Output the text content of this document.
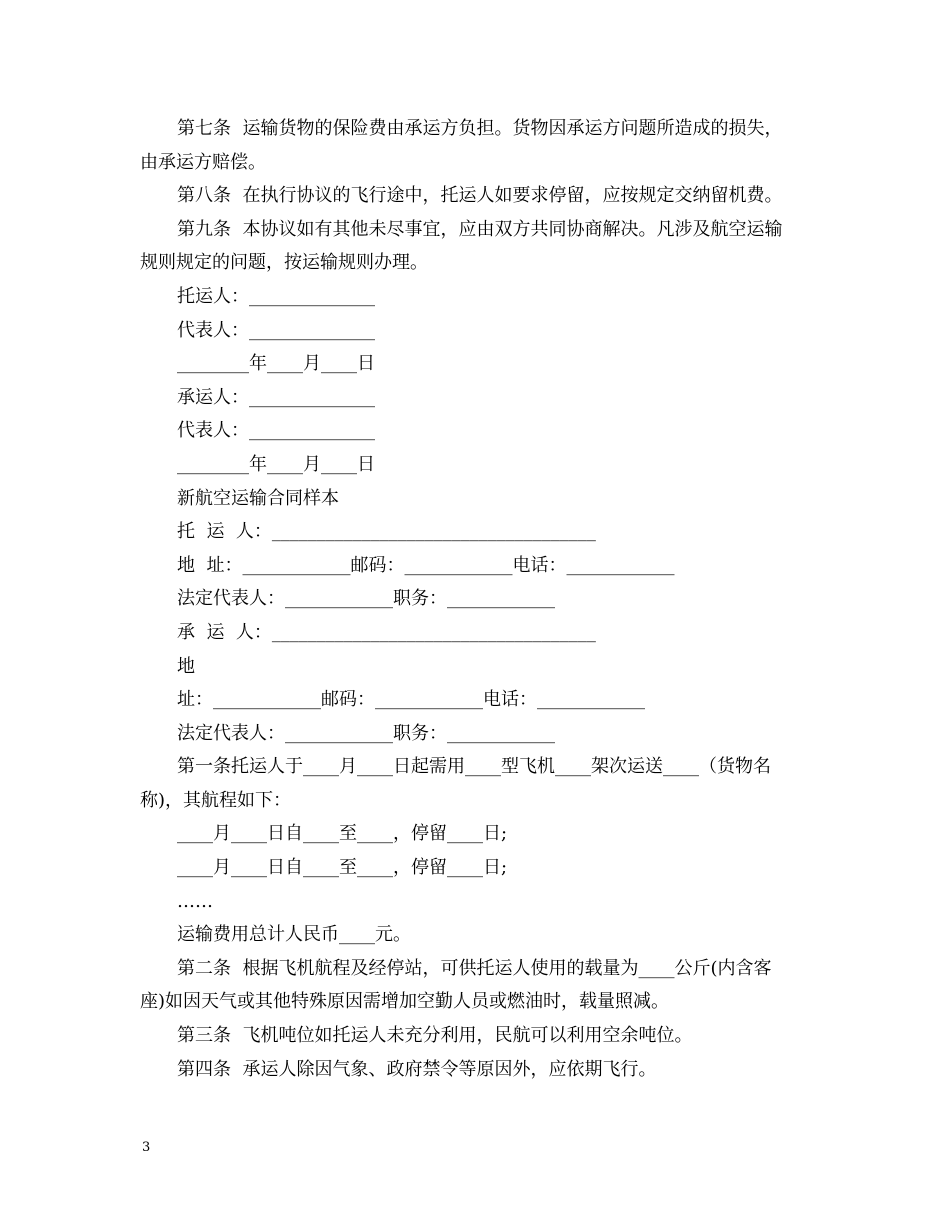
第七条  运输货物的保险费由承运方负担。货物因承运方问题所造成的损失，
由承运方赔偿。
第八条  在执行协议的飞行途中，托运人如要求停留，应按规定交纳留机费。
第九条  本协议如有其他未尽事宜，应由双方共同协商解决。凡涉及航空运输
规则规定的问题，按运输规则办理。
托运人：______________
代表人：______________
________年____月____日
承运人：______________
代表人：______________
________年____月____日
新航空运输合同样本
托  运  人：____________________________________
地  址：____________邮码：____________电话：____________
法定代表人：____________职务：____________
承  运  人：____________________________________
地
址：____________邮码：____________电话：____________
法定代表人：____________职务：____________
第一条托运人于____月____日起需用____型飞机____架次运送____（货物名
称)，其航程如下：
____月____日自____至____，停留____日;
____月____日自____至____，停留____日;
……
运输费用总计人民币____元。
第二条  根据飞机航程及经停站，可供托运人使用的载量为____公斤(内含客
座)如因天气或其他特殊原因需增加空勤人员或燃油时，载量照减。
第三条  飞机吨位如托运人未充分利用，民航可以利用空余吨位。
第四条  承运人除因气象、政府禁令等原因外，应依期飞行。
3
